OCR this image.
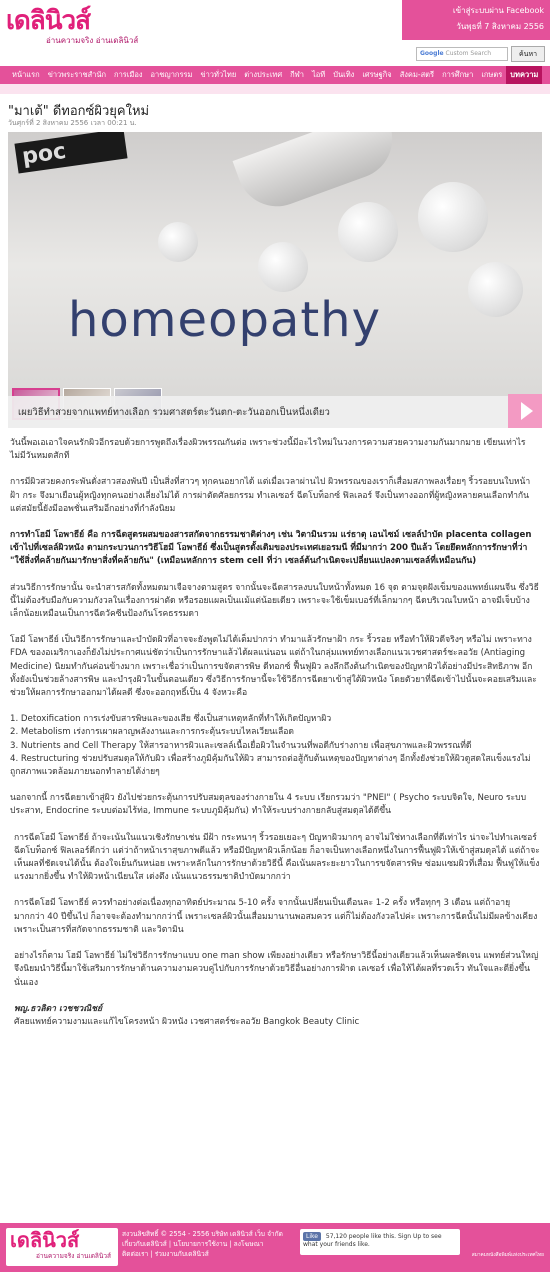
เดลินิวส์
อ่านความจริง อ่านเดลินิวส์
เข้าสู่ระบบผ่าน Facebook
วันพุธที่ 7 สิงหาคม 2556
Google Custom Search	ค้นหา
หน้าแรก	ข่าวพระราชสำนัก	การเมือง	อาชญากรรม	ข่าวทั่วไทย	ต่างประเทศ	กีฬา	ไอที	บันเทิง	เศรษฐกิจ	สังคม-สตรี	การศึกษา	เกษตร	บทความ
"มาเต้" ดีทอกซ์ผิวยุคใหม่
วันศุกร์ที่ 2 สิงหาคม 2556 เวลา 00:21 น.
poc
homeopathy
เผยวิธีทำสวยจากแพทย์ทางเลือก รวมศาสตร์ตะวันตก-ตะวันออกเป็นหนึ่งเดียว

วันนี้พอเอเอาใจคนรักผิวอีกรอบด้วยการพูดถึงเรื่องผิวพรรณกันต่อ เพราะช่วงนี้มีอะไรใหม่ในวงการความสวยความงามกันมากมาย เขียนเท่าไรไม่มีวันหมดสักที

การมีผิวสวยคงกระพันดั่งสาวสองพันปี เป็นสิ่งที่สาวๆ ทุกคนอยากได้ แต่เมื่อเวลาผ่านไป ผิวพรรณของเราก็เสื่อมสภาพลงเรื่อยๆ ริ้วรอยบนใบหน้า ฝ้า กระ จึงมาเยือนผู้หญิงทุกคนอย่างเลี่ยงไม่ได้ การผ่าตัดศัลยกรรม ทำเลเซอร์ ฉีดโบท็อกซ์ ฟิลเลอร์ จึงเป็นทางออกที่ผู้หญิงหลายคนเลือกทำกัน แต่สมัยนี้ยังมีออพชั่นเสริมอีกอย่างที่กำลังนิยม

การทำโฮมี โอพาธีย์ คือ การฉีดสูตรผสมของสารสกัดจากธรรมชาติต่างๆ เช่น วิตามินรวม แร่ธาตุ เอนไซม์ เซลล์บำบัด placenta collagen เข้าไปที่เซลล์ผิวหนัง ตามกระบวนการวิธีโฮมี โอพาธีย์ ซึ่งเป็นสูตรดั้งเดิมของประเทศเยอรมนี ที่มีมากว่า 200 ปีแล้ว โดยยึดหลักการรักษาที่ว่า "ใช้สิ่งที่คล้ายกันมารักษาสิ่งที่คล้ายกัน" (เหมือนหลักการ stem cell ที่ว่า เซลล์ต้นกำเนิดจะเปลี่ยนแปลงตามเซลล์ที่เหมือนกัน)

ส่วนวิธีการรักษานั้น จะนำสารสกัดทั้งหมดมาเจือจางตามสูตร จากนั้นจะฉีดสารลงบนใบหน้าทั้งหมด 16 จุด ตามจุดฝังเข็มของแพทย์แผนจีน ซึ่งวิธีนี้ไม่ต้องรับมือกับความกังวลในเรื่องการผ่าตัด หรือรอยแผลเป็นแม้แต่น้อยเดียว เพราะจะใช้เข็มเบอร์ที่เล็กมากๆ ฉีดบริเวณใบหน้า อาจมีเจ็บบ้างเล็กน้อยเหมือนเป็นการฉีดวัคซีนป้องกันโรคธรรมดา

โฮมี โอพาธีย์ เป็นวิธีการรักษาและบำบัดผิวที่อาจจะยังพูดไม่ได้เต็มปากว่า ทำมาแล้วรักษาฝ้า กระ ริ้วรอย หรือทำให้ผิวดีจริงๆ หรือไม่ เพราะทาง FDA ของอเมริกาเองก็ยังไม่ประกาศแน่ชัดว่าเป็นการรักษาแล้วได้ผลแน่นอน แต่ถ้าในกลุ่มแพทย์ทางเลือกแนวเวชศาสตร์ชะลอวัย (Antiaging Medicine) นิยมทำกันค่อนข้างมาก เพราะเชื่อว่าเป็นการขจัดสารพิษ ดีทอกซ์ ฟื้นฟูผิว ลงลึกถึงต้นกำเนิดของปัญหาผิวได้อย่างมีประสิทธิภาพ อีกทั้งยังเป็นช่วยล้างสารพิษ และบำรุงผิวในขั้นตอนเดียว ซึ่งวิธีการรักษานี้จะใช้วิธีการฉีดยาเข้าสู่ใต้ผิวหนัง โดยตัวยาที่ฉีดเข้าไปนั้นจะคอยเสริมและช่วยให้ผลการรักษาออกมาได้ผลดี ซึ่งจะออกฤทธิ์เป็น 4 จังหวะคือ

1. Detoxification การเร่งขับสารพิษและของเสีย ซึ่งเป็นสาเหตุหลักที่ทำให้เกิดปัญหาผิว
2. Metabolism เร่งการเผาผลาญพลังงานและการกระตุ้นระบบไหลเวียนเลือด
3. Nutrients and Cell Therapy ให้สารอาหารผิวและเซลล์เนื้อเยื่อผิวในจำนวนที่พอดีกับร่างกาย เพื่อสุขภาพและผิวพรรณที่ดี
4. Restructuring ช่วยปรับสมดุลให้กับผิว เพื่อสร้างภูมิคุ้มกันให้ผิว สามารถต่อสู้กับต้นเหตุของปัญหาต่างๆ อีกทั้งยังช่วยให้ผิวดูสดใสแข็งแรงไม่ถูกสภาพแวดล้อมภายนอกทำลายได้ง่ายๆ

นอกจากนี้ การฉีดยาเข้าสู่ผิว ยังไปช่วยกระตุ้นการปรับสมดุลของร่างกายใน 4 ระบบ เรียกรวมว่า "PNEI" ( Psycho ระบบจิตใจ, Neuro ระบบประสาท, Endocrine ระบบต่อมไร้ท่อ, Immune ระบบภูมิคุ้มกัน) ทำให้ระบบร่างกายกลับสู่สมดุลได้ดีขึ้น

การฉีดโฮมี โอพาธีย์ ถ้าจะเน้นในแนวเชิงรักษาเช่น มีฝ้า กระหนาๆ ริ้วรอยเยอะๆ ปัญหาผิวมากๆ อาจไม่ใช่ทางเลือกที่ดีเท่าไร น่าจะไปทำเลเซอร์ ฉีดโบท็อกซ์ ฟิลเลอร์ดีกว่า แต่ว่าถ้าหน้าเราสุขภาพดีแล้ว หรือมีปัญหาผิวเล็กน้อย ก็อาจเป็นทางเลือกหนึ่งในการฟื้นฟูผิวให้เข้าสู่สมดุลได้ แต่ถ้าจะเห็นผลที่ชัดเจนได้นั้น ต้องใจเย็นกันหน่อย เพราะหลักในการรักษาด้วยวิธีนี้ คือเน้นผลระยะยาวในการขจัดสารพิษ ซ่อมแซมผิวที่เสื่อม ฟื้นฟูให้แข็งแรงมากยิ่งขึ้น ทำให้ผิวหน้าเนียนใส เด่งตึง เน้นแนวธรรมชาติบำบัดมากกว่า

การฉีดโฮมี โอพาธีย์ ควรทำอย่างต่อเนื่องทุกอาทิตย์ประมาณ 5-10 ครั้ง จากนั้นเปลี่ยนเป็นเดือนละ 1-2 ครั้ง หรือทุกๆ 3 เดือน แต่ถ้าอายุมากกว่า 40 ปีขึ้นไป ก็อาจจะต้องทำมากกว่านี้ เพราะเซลล์ผิวนั้นเสื่อมมานานพอสมควร แต่ก็ไม่ต้องกังวลไปค่ะ เพราะการฉีดนั้นไม่มีผลข้างเคียง เพราะเป็นสารที่สกัดจากธรรมชาติ และวิตามิน

อย่างไรก็ตาม โฮมี โอพาธีย์ ไม่ใช่วิธีการรักษาแบบ one man show เพียงอย่างเดียว หรือรักษาวิธีนี้อย่างเดียวแล้วเห็นผลชัดเจน แพทย์ส่วนใหญ่จึงนิยมนำวิธีนี้มาใช้เสริมการรักษาด้านความงามควบคู่ไปกับการรักษาด้วยวิธีอื่นอย่างการฝ้าด เลเซอร์ เพื่อให้ได้ผลที่รวดเร็ว ทันใจและดียิ่งขึ้นนั่นเอง

พญ.ธวลิดา เวชชวณิชย์

ศัลยแพทย์ความงามและแก้ไขโครงหน้า ผิวหนัง เวชศาสตร์ชะลอวัย Bangkok Beauty Clinic

เดลินิวส์
อ่านความจริง อ่านเดลินิวส์
สงวนลิขสิทธิ์ © 2554 - 2556 บริษัท เดลินิวส์ เว็บ จำกัด
เกี่ยวกับเดลินิวส์ | นโยบายการใช้งาน | ลงโฆษณา
ติดต่อเรา | ร่วมงานกับเดลินิวส์
Like 57,120 people like this. Sign Up to see what your friends like.
สมาคมหนังสือพิมพ์แห่งประเทศไทย
